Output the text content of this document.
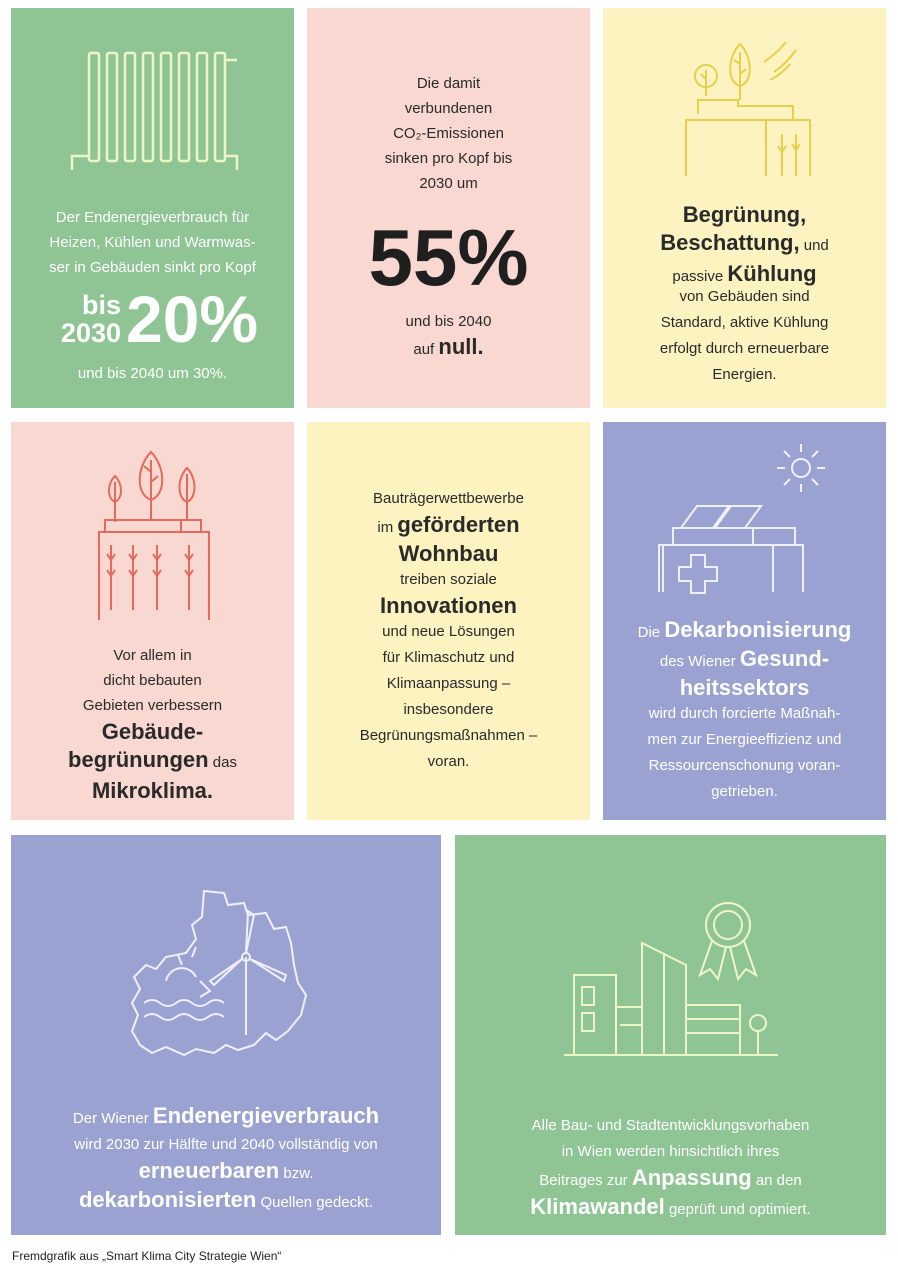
Der Endenergieverbrauch für
Heizen, Kühlen und Warmwas-
ser in Gebäuden sinkt pro Kopf
bis
2030 20%
und bis 2040 um 30%.
Die damit
verbundenen
CO₂-Emissionen
sinken pro Kopf bis
2030 um
55%
und bis 2040
auf null.
Begrünung,
Beschattung, und
passive Kühlung
von Gebäuden sind
Standard, aktive Kühlung
erfolgt durch erneuerbare
Energien.
Vor allem in
dicht bebauten
Gebieten verbessern
Gebäude-
begrünungen das
Mikroklima.
Bauträgerwettbewerbe
im geförderten
Wohnbau
treiben soziale
Innovationen
und neue Lösungen
für Klimaschutz und
Klimaanpassung –
insbesondere
Begrünungsmaßnahmen –
voran.
Die Dekarbonisierung
des Wiener Gesund-
heitssektors
wird durch forcierte Maßnah-
men zur Energieeffizienz und
Ressourcenschonung voran-
getrieben.
Der Wiener Endenergieverbrauch
wird 2030 zur Hälfte und 2040 vollständig von
erneuerbaren bzw.
dekarbonisierten Quellen gedeckt.
Alle Bau- und Stadtentwicklungsvorhaben
in Wien werden hinsichtlich ihres
Beitrages zur Anpassung an den
Klimawandel geprüft und optimiert.
Fremdgrafik aus „Smart Klima City Strategie Wien“
